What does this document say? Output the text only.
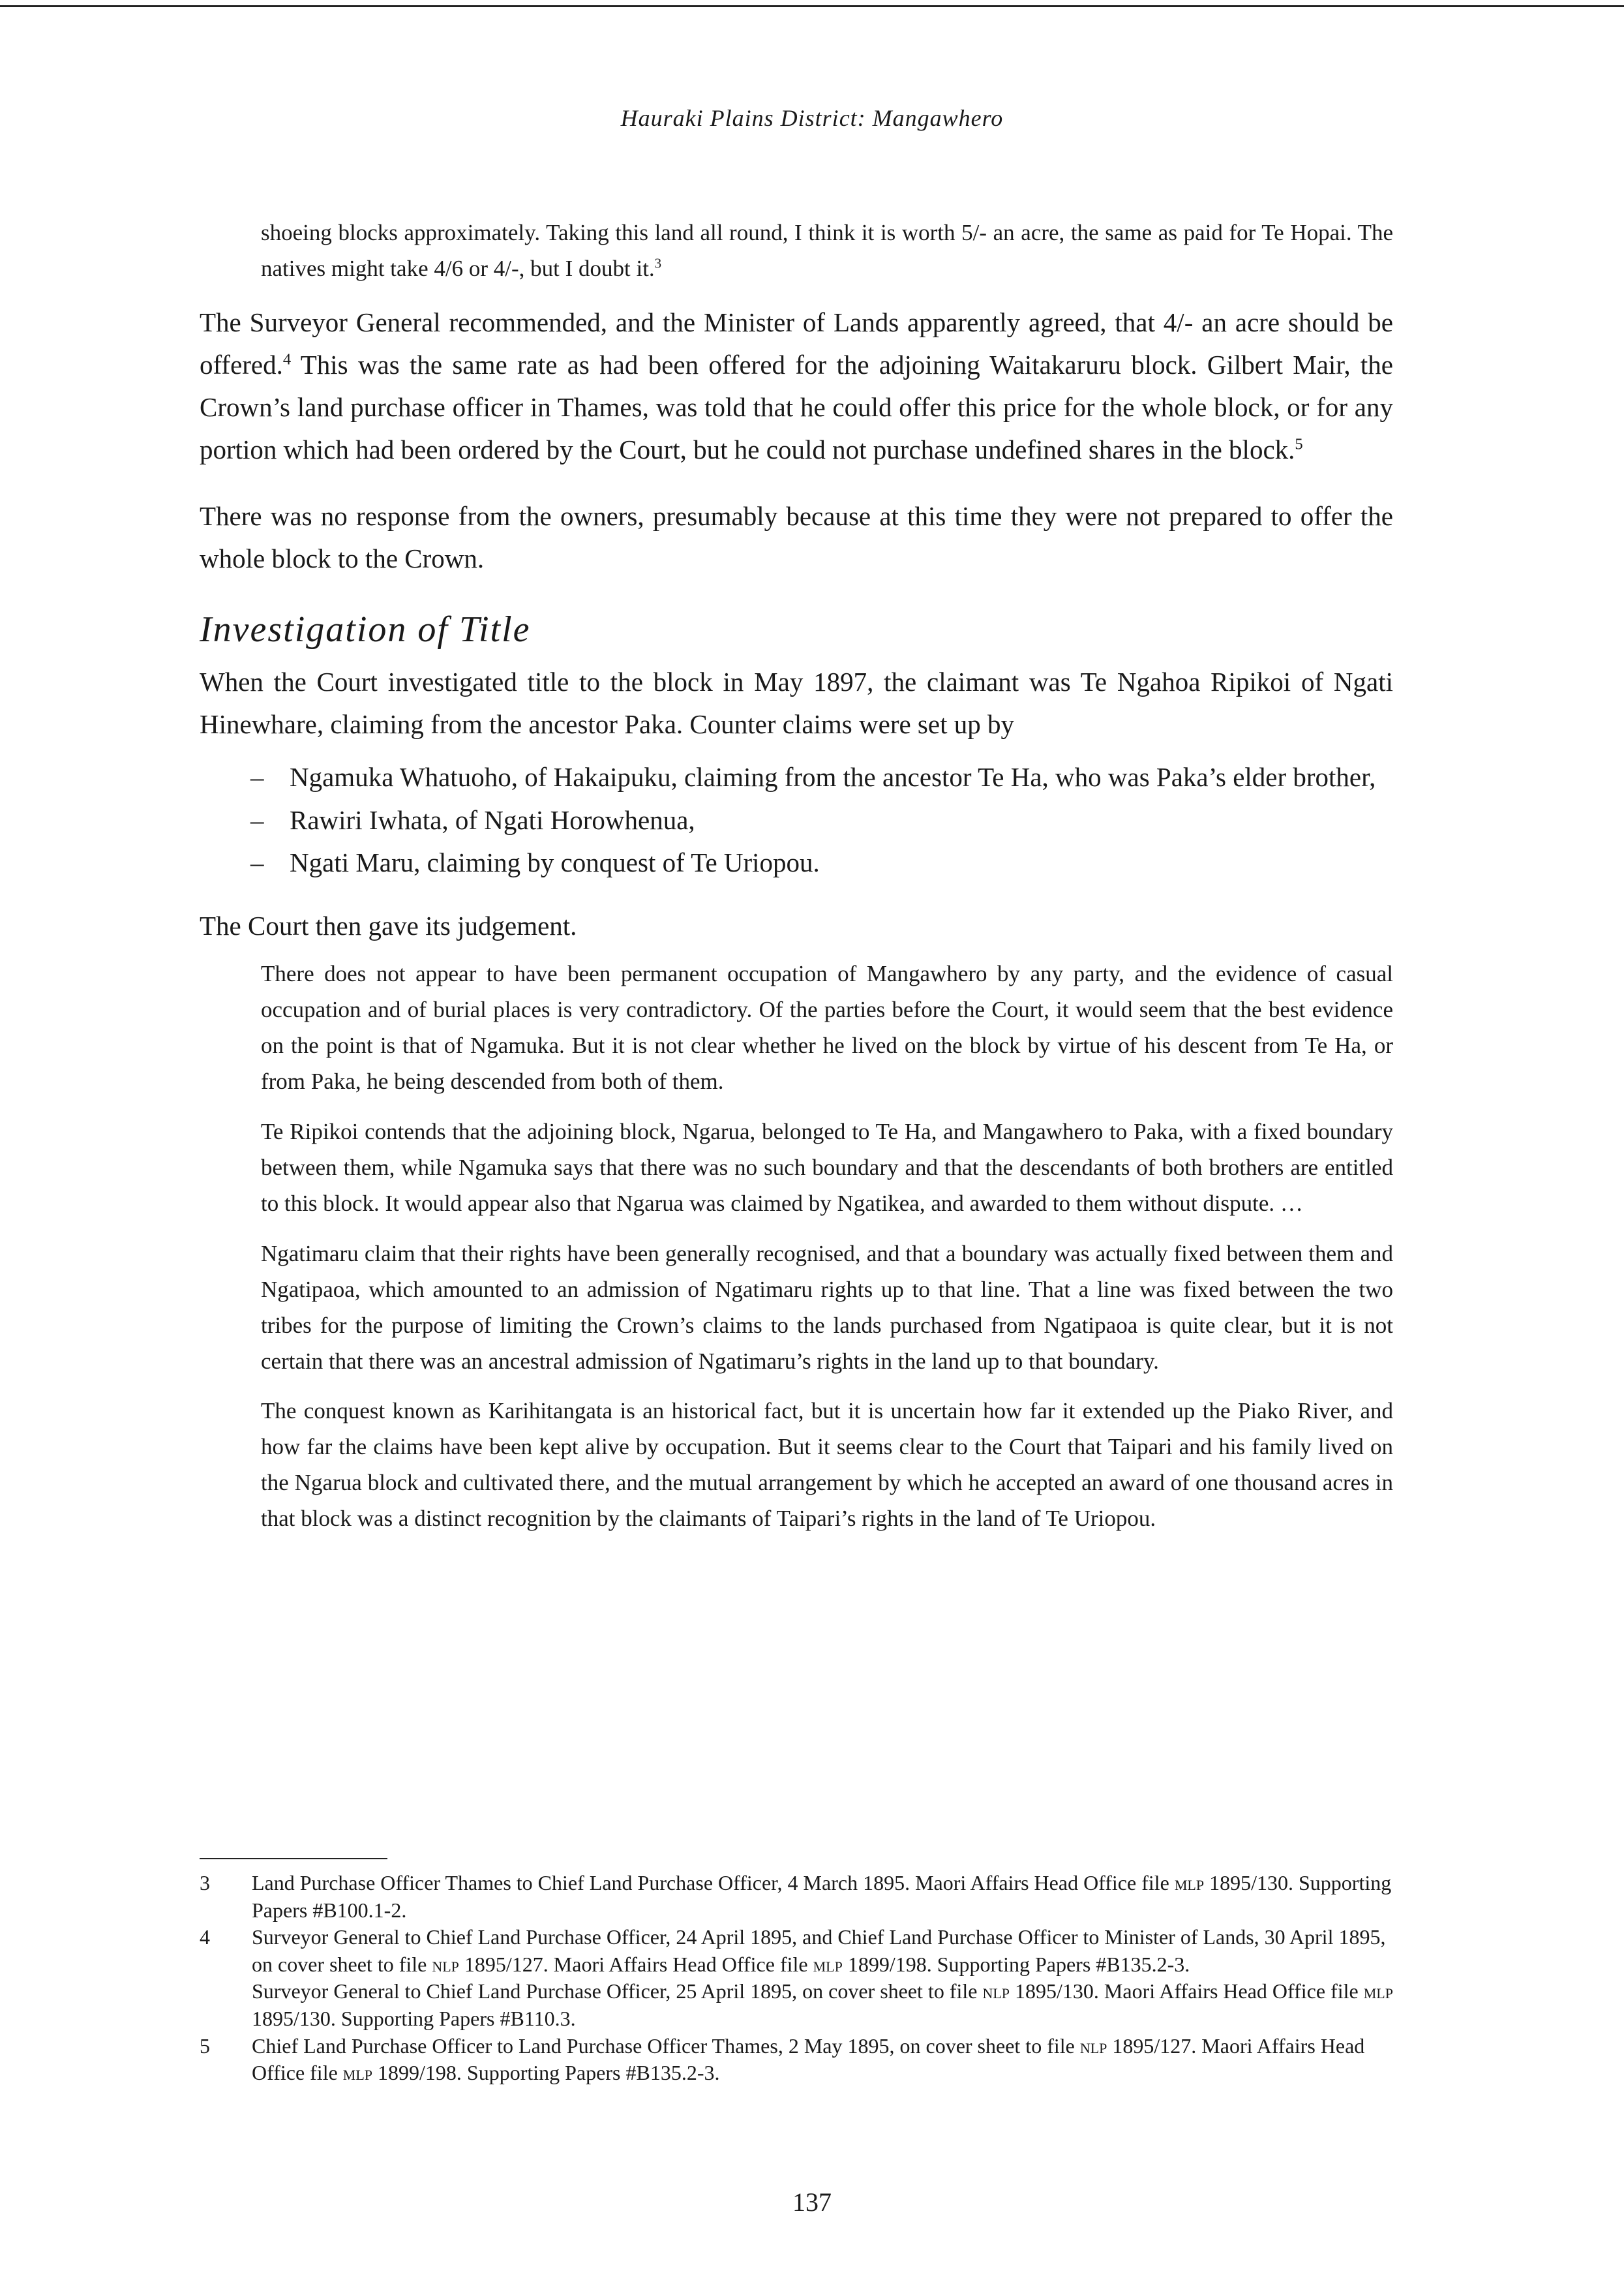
Hauraki Plains District: Mangawhero

shoeing blocks approximately. Taking this land all round, I think it is worth 5/- an acre, the same as paid for Te Hopai. The natives might take 4/6 or 4/-, but I doubt it.$^3$

The Surveyor General recommended, and the Minister of Lands apparently agreed, that 4/- an acre should be offered.$^4$ This was the same rate as had been offered for the adjoining Waitakaruru block. Gilbert Mair, the Crown’s land purchase officer in Thames, was told that he could offer this price for the whole block, or for any portion which had been ordered by the Court, but he could not purchase undefined shares in the block.$^5$

There was no response from the owners, presumably because at this time they were not prepared to offer the whole block to the Crown.

Investigation of Title

When the Court investigated title to the block in May 1897, the claimant was Te Ngahoa Ripikoi of Ngati Hinewhare, claiming from the ancestor Paka. Counter claims were set up by

– Ngamuka Whatuoho, of Hakaipuku, claiming from the ancestor Te Ha, who was Paka’s elder brother,
– Rawiri Iwhata, of Ngati Horowhenua,
– Ngati Maru, claiming by conquest of Te Uriopou.

The Court then gave its judgement.

There does not appear to have been permanent occupation of Mangawhero by any party, and the evidence of casual occupation and of burial places is very contradictory. Of the parties before the Court, it would seem that the best evidence on the point is that of Ngamuka. But it is not clear whether he lived on the block by virtue of his descent from Te Ha, or from Paka, he being descended from both of them.

Te Ripikoi contends that the adjoining block, Ngarua, belonged to Te Ha, and Mangawhero to Paka, with a fixed boundary between them, while Ngamuka says that there was no such boundary and that the descendants of both brothers are entitled to this block. It would appear also that Ngarua was claimed by Ngatikea, and awarded to them without dispute. …

Ngatimaru claim that their rights have been generally recognised, and that a boundary was actually fixed between them and Ngatipaoa, which amounted to an admission of Ngatimaru rights up to that line. That a line was fixed between the two tribes for the purpose of limiting the Crown’s claims to the lands purchased from Ngatipaoa is quite clear, but it is not certain that there was an ancestral admission of Ngatimaru’s rights in the land up to that boundary.

The conquest known as Karihitangata is an historical fact, but it is uncertain how far it extended up the Piako River, and how far the claims have been kept alive by occupation. But it seems clear to the Court that Taipari and his family lived on the Ngarua block and cultivated there, and the mutual arrangement by which he accepted an award of one thousand acres in that block was a distinct recognition by the claimants of Taipari’s rights in the land of Te Uriopou.

3 Land Purchase Officer Thames to Chief Land Purchase Officer, 4 March 1895. Maori Affairs Head Office file mlp 1895/130. Supporting Papers #B100.1-2.
4 Surveyor General to Chief Land Purchase Officer, 24 April 1895, and Chief Land Purchase Officer to Minister of Lands, 30 April 1895, on cover sheet to file nlp 1895/127. Maori Affairs Head Office file mlp 1899/198. Supporting Papers #B135.2-3.
Surveyor General to Chief Land Purchase Officer, 25 April 1895, on cover sheet to file nlp 1895/130. Maori Affairs Head Office file mlp 1895/130. Supporting Papers #B110.3.
5 Chief Land Purchase Officer to Land Purchase Officer Thames, 2 May 1895, on cover sheet to file nlp 1895/127. Maori Affairs Head Office file mlp 1899/198. Supporting Papers #B135.2-3.
137
